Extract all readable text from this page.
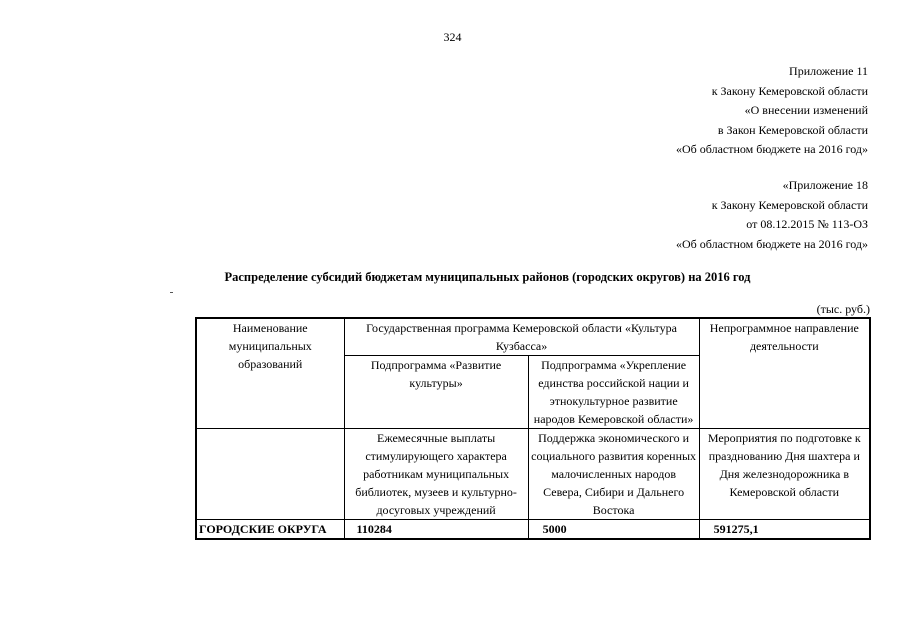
324
Приложение 11
к Закону Кемеровской области
«О внесении изменений
в Закон Кемеровской области
«Об областном бюджете на 2016 год»
«Приложение 18
к Закону Кемеровской области
от 08.12.2015 № 113-ОЗ
«Об областном бюджете на 2016 год»
Распределение субсидий бюджетам муниципальных районов (городских округов) на 2016 год
(тыс. руб.)
Наименование муниципальных образований	Государственная программа Кемеровской области «Культура Кузбасса»		Непрограммное направление деятельности
	Подпрограмма «Развитие культуры»	Подпрограмма «Укрепление единства российской нации и этнокультурное развитие народов Кемеровской области»	
	Ежемесячные выплаты стимулирующего характера работникам муниципальных библиотек, музеев и культурно-досуговых учреждений	Поддержка экономического и социального развития коренных малочисленных народов Севера, Сибири и Дальнего Востока	Мероприятия по подготовке к празднованию Дня шахтера и Дня железнодорожника в Кемеровской области
ГОРОДСКИЕ ОКРУГА	110284	5000	591275,1
